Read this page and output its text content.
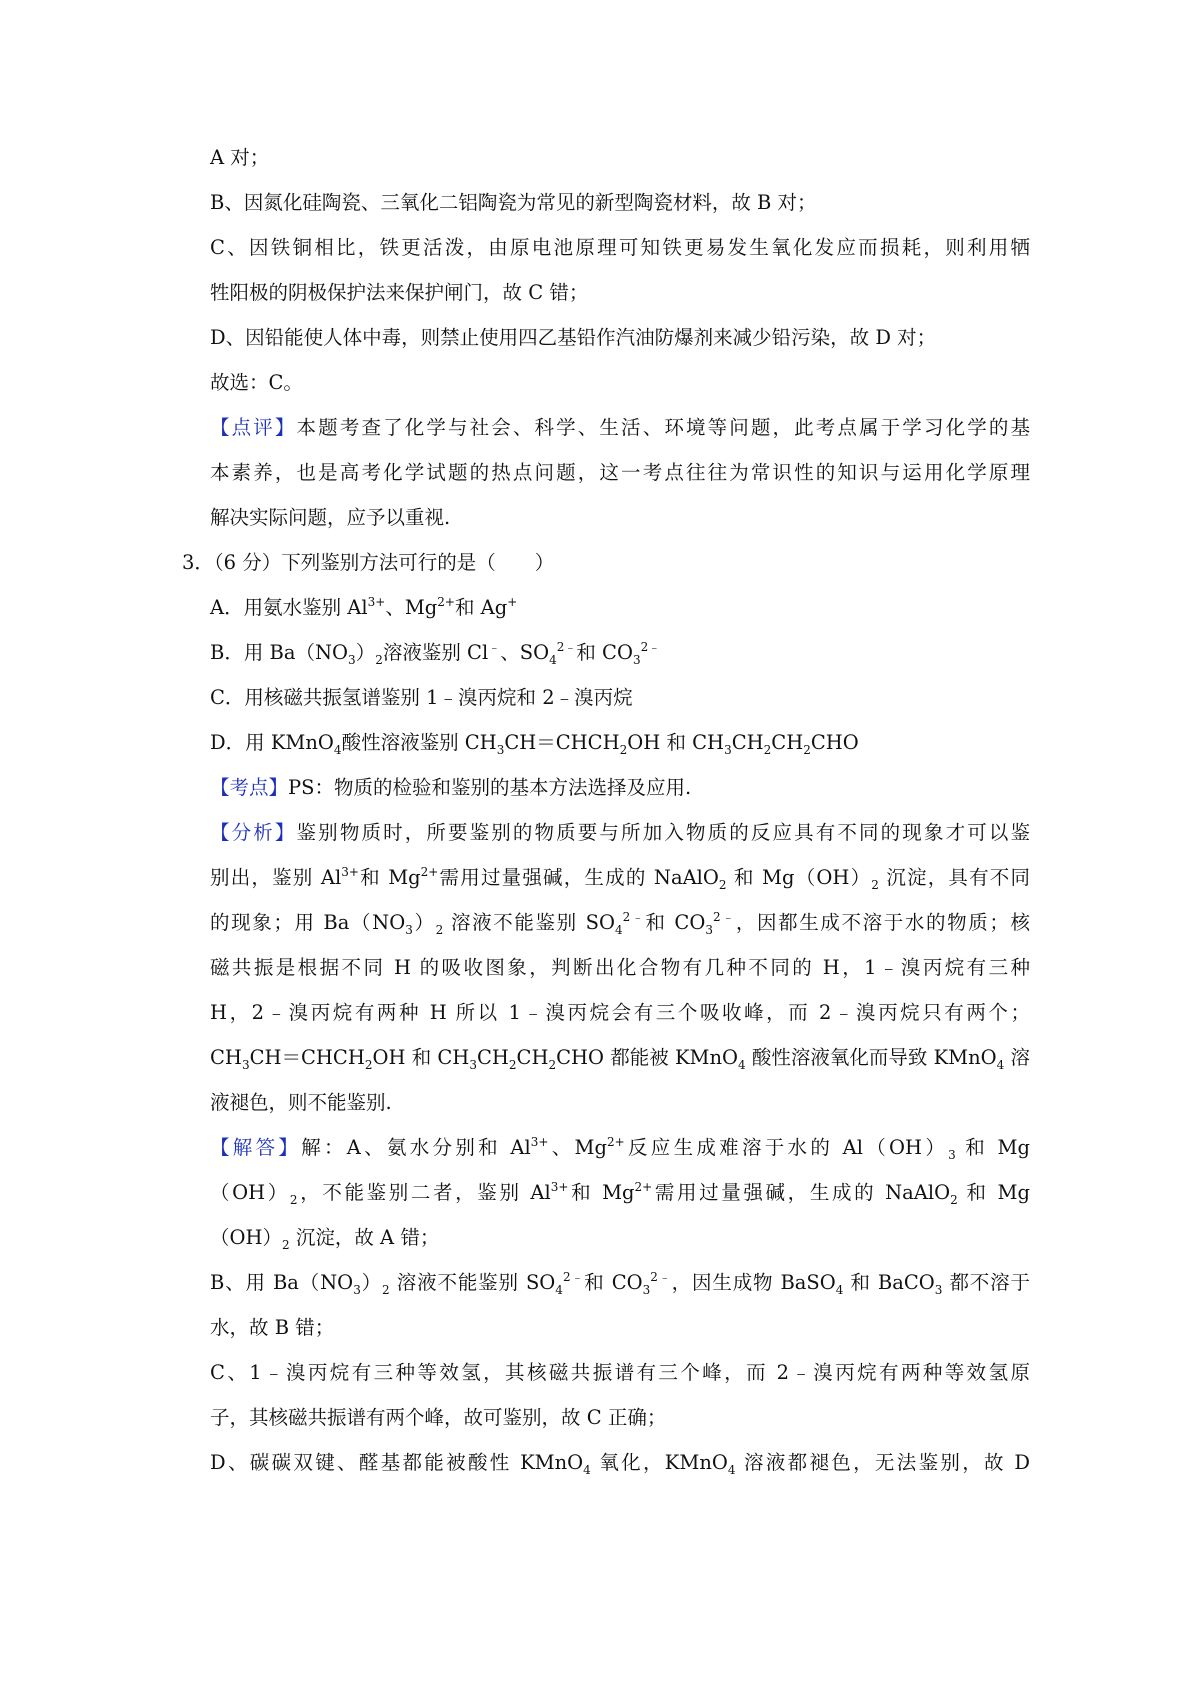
A 对；
B、因氮化硅陶瓷、三氧化二铝陶瓷为常见的新型陶瓷材料，故 B 对；
C、因铁铜相比，铁更活泼，由原电池原理可知铁更易发生氧化发应而损耗，则利用牺
牲阳极的阴极保护法来保护闸门，故 C 错；
D、因铅能使人体中毒，则禁止使用四乙基铅作汽油防爆剂来减少铅污染，故 D 对；
故选：C。
【点评】本题考查了化学与社会、科学、生活、环境等问题，此考点属于学习化学的基
本素养，也是高考化学试题的热点问题，这一考点往往为常识性的知识与运用化学原理
解决实际问题，应予以重视.
3．（6 分）下列鉴别方法可行的是（　　）
A．用氨水鉴别 $Al^{3+}$、$Mg^{2+}$和 Ag+
B．用 $Ba(NO_3)_2$溶液鉴别 Cl﹣、$SO_4^{2﹣}$和 $CO_3^{2﹣}$
C．用核磁共振氢谱鉴别 1﹣溴丙烷和 2﹣溴丙烷
D．用 KMnO$_4$酸性溶液鉴别 $CH_3CH=CHCH_2OH$ 和 $CH_3CH_2CH_2CHO$
【考点】PS：物质的检验和鉴别的基本方法选择及应用.
【分析】鉴别物质时，所要鉴别的物质要与所加入物质的反应具有不同的现象才可以鉴
别出，鉴别 $Al^{3+}$和 $Mg^{2+}$需用过量强碱，生成的 NaAlO$_2$ 和 $Mg(OH)_2$ 沉淀，具有不同
的现象；用 $Ba(NO_3)_2$ 溶液不能鉴别 $SO_4^{2﹣}$和 $CO_3^{2﹣}$，因都生成不溶于水的物质；核
磁共振是根据不同 H 的吸收图象，判断出化合物有几种不同的 H，1﹣溴丙烷有三种
H，2﹣溴丙烷有两种 H 所以 1﹣溴丙烷会有三个吸收峰，而 2﹣溴丙烷只有两个；
$CH_3CH=CHCH_2OH$ 和 $CH_3CH_2CH_2CHO$ 都能被 KMnO$_4$ 酸性溶液氧化而导致 KMnO$_4$ 溶
液褪色，则不能鉴别.
【解答】解：A、氨水分别和 $Al^{3+}$、$Mg^{2+}$反应生成难溶于水的 $Al(OH)_3$ 和 Mg
$(OH)_2$，不能鉴别二者，鉴别 $Al^{3+}$和 $Mg^{2+}$需用过量强碱，生成的 NaAlO$_2$ 和 Mg
$(OH)_2$ 沉淀，故 A 错；
B、用 $Ba(NO_3)_2$ 溶液不能鉴别 $SO_4^{2﹣}$和 $CO_3^{2﹣}$，因生成物 BaSO$_4$ 和 BaCO$_3$ 都不溶于
水，故 B 错；
C、1﹣溴丙烷有三种等效氢，其核磁共振谱有三个峰，而 2﹣溴丙烷有两种等效氢原
子，其核磁共振谱有两个峰，故可鉴别，故 C 正确；
D、碳碳双键、醛基都能被酸性 KMnO$_4$ 氧化，KMnO$_4$ 溶液都褪色，无法鉴别，故 D
